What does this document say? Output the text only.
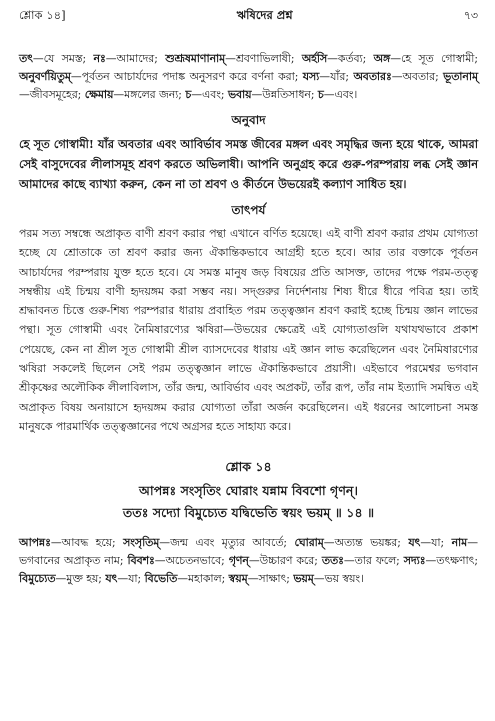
শ্লোক ১৪]	ঋষিদের প্রশ্ন	৭৩

তৎ—যে সমস্ত; নঃ—আমাদের; শুশ্রূষমাণানাম্—শ্রবণাভিলাষী; অর্হসি—কর্তব্য; অঙ্গ—হে সূত গোস্বামী; অনুবর্ণয়িতুম্—পূর্বতন আচার্যদের পদাঙ্ক অনুসরণ করে বর্ণনা করা; যস্য—যাঁর; অবতারঃ—অবতার; ভূতানাম্—জীবসমূহের; ক্ষেমায়—মঙ্গলের জন্য; চ—এবং; ভবায়—উন্নতিসাধন; চ—এবং।

অনুবাদ

হে সূত গোস্বামী! যাঁর অবতার এবং আবির্ভাব সমস্ত জীবের মঙ্গল এবং সমৃদ্ধির জন্য হয়ে থাকে, আমরা সেই বাসুদেবের লীলাসমূহ শ্রবণ করতে অভিলাষী। আপনি অনুগ্রহ করে গুরু-পরম্পরায় লব্ধ সেই জ্ঞান আমাদের কাছে ব্যাখ্যা করুন, কেন না তা শ্রবণ ও কীর্তনে উভয়েরই কল্যাণ সাধিত হয়।

তাৎপর্য

পরম সত্য সম্বন্ধে অপ্রাকৃত বাণী শ্রবণ করার পন্থা এখানে বর্ণিত হয়েছে। এই বাণী শ্রবণ করার প্রথম যোগ্যতা হচ্ছে যে শ্রোতাকে তা শ্রবণ করার জন্য ঐকান্তিকভাবে আগ্রহী হতে হবে। আর তার বক্তাকে পূর্বতন আচার্যদের পরম্পরায় যুক্ত হতে হবে। যে সমস্ত মানুষ জড় বিষয়ের প্রতি আসক্ত, তাদের পক্ষে পরম-তত্ত্ব সম্বন্ধীয় এই চিন্ময় বাণী হৃদয়ঙ্গম করা সম্ভব নয়। সদ্গুরুর নির্দেশনায় শিষ্য ধীরে ধীরে পবিত্র হয়। তাই শ্রদ্ধাবনত চিত্তে গুরু-শিষ্য পরম্পরার ধারায় প্রবাহিত পরম তত্ত্বজ্ঞান শ্রবণ করাই হচ্ছে চিন্ময় জ্ঞান লাভের পন্থা। সূত গোস্বামী এবং নৈমিষারণ্যের ঋষিরা—উভয়ের ক্ষেত্রেই এই যোগ্যতাগুলি যথাযথভাবে প্রকাশ পেয়েছে, কেন না শ্রীল সূত গোস্বামী শ্রীল ব্যাসদেবের ধারায় এই জ্ঞান লাভ করেছিলেন এবং নৈমিষারণ্যের ঋষিরা সকলেই ছিলেন সেই পরম তত্ত্বজ্ঞান লাভে ঐকান্তিকভাবে প্রয়াসী। এইভাবে পরমেশ্বর ভগবান শ্রীকৃষ্ণের অলৌকিক লীলাবিলাস, তাঁর জন্ম, আবির্ভাব এবং অপ্রকট, তাঁর রূপ, তাঁর নাম ইত্যাদি সমন্বিত এই অপ্রাকৃত বিষয় অনায়াসে হৃদয়ঙ্গম করার যোগ্যতা তাঁরা অর্জন করেছিলেন। এই ধরনের আলোচনা সমস্ত মানুষকে পারমার্থিক তত্ত্বজ্ঞানের পথে অগ্রসর হতে সাহায্য করে।

শ্লোক ১৪
আপন্নঃ সংসৃতিং ঘোরাং যন্নাম বিবশো গৃণন্।
ততঃ সদ্যো বিমুচ্যেত যদ্বিভেতি স্বয়ং ভয়ম্ ॥ ১৪ ॥

আপন্নঃ—আবদ্ধ হয়ে; সংসৃতিম্—জন্ম এবং মৃত্যুর আবর্তে; ঘোরাম্—অত্যন্ত ভয়ঙ্কর; যৎ—যা; নাম—ভগবানের অপ্রাকৃত নাম; বিবশঃ—অচেতনভাবে; গৃণন্—উচ্চারণ করে; ততঃ—তার ফলে; সদ্যঃ—তৎক্ষণাৎ; বিমুচ্যেত—মুক্ত হয়; যৎ—যা; বিভেতি—মহাকাল; স্বয়ম্—সাক্ষাৎ; ভয়ম্—ভয় স্বয়ং।
